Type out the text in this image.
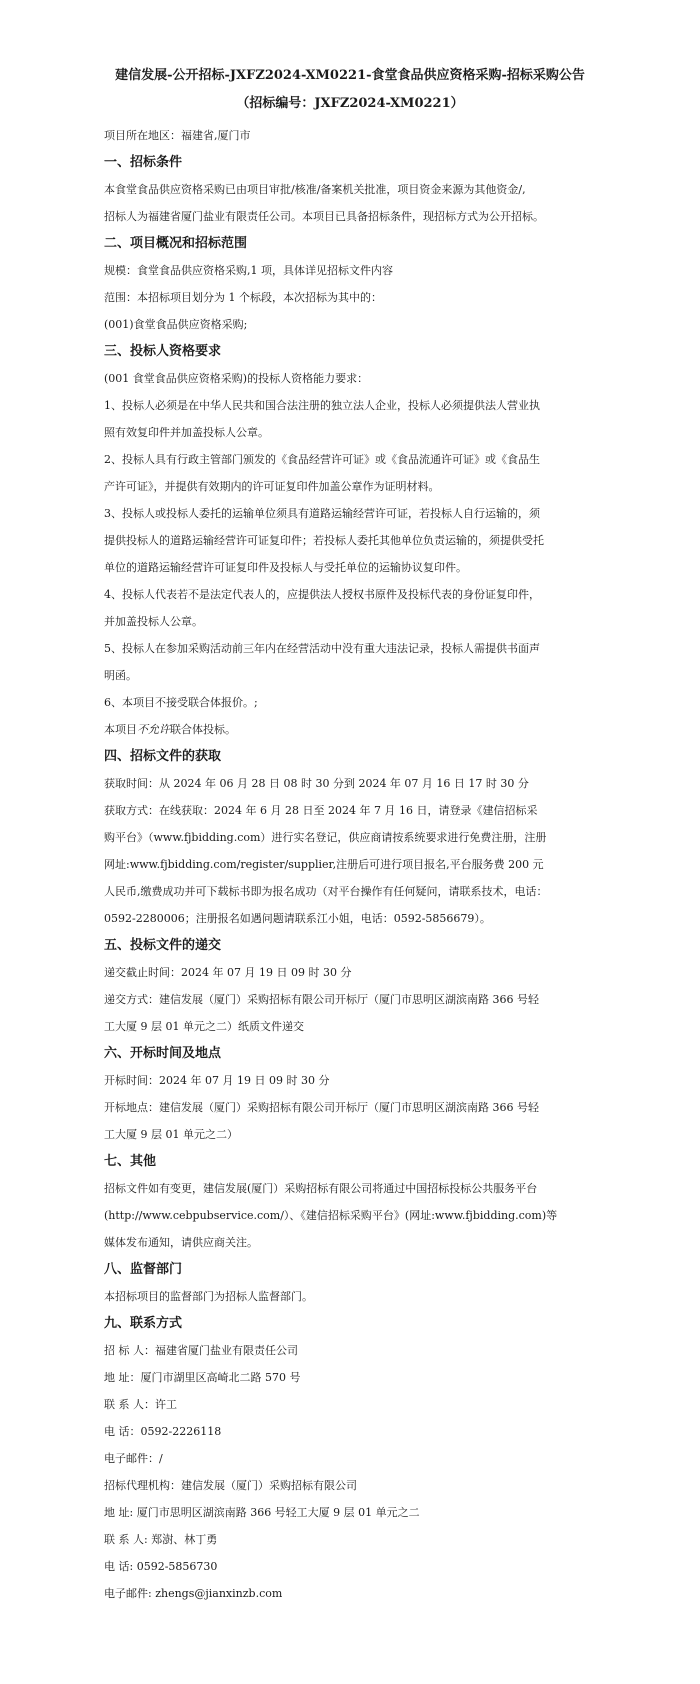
建信发展-公开招标-JXFZ2024-XM0221-食堂食品供应资格采购-招标采购公告
（招标编号：JXFZ2024-XM0221）
项目所在地区：福建省,厦门市
一、招标条件
本食堂食品供应资格采购已由项目审批/核准/备案机关批准，项目资金来源为其他资金/,
招标人为福建省厦门盐业有限责任公司。本项目已具备招标条件，现招标方式为公开招标。
二、项目概况和招标范围
规模：食堂食品供应资格采购,1 项，具体详见招标文件内容
范围：本招标项目划分为 1 个标段，本次招标为其中的：
(001)食堂食品供应资格采购;
三、投标人资格要求
(001 食堂食品供应资格采购)的投标人资格能力要求：
1、投标人必须是在中华人民共和国合法注册的独立法人企业，投标人必须提供法人营业执
照有效复印件并加盖投标人公章。
2、投标人具有行政主管部门颁发的《食品经营许可证》或《食品流通许可证》或《食品生
产许可证》，并提供有效期内的许可证复印件加盖公章作为证明材料。
3、投标人或投标人委托的运输单位须具有道路运输经营许可证，若投标人自行运输的，须
提供投标人的道路运输经营许可证复印件；若投标人委托其他单位负责运输的，须提供受托
单位的道路运输经营许可证复印件及投标人与受托单位的运输协议复印件。
4、投标人代表若不是法定代表人的，应提供法人授权书原件及投标代表的身份证复印件，
并加盖投标人公章。
5、投标人在参加采购活动前三年内在经营活动中没有重大违法记录，投标人需提供书面声
明函。
6、本项目不接受联合体报价。;
本项目不允许联合体投标。
四、招标文件的获取
获取时间：从 2024 年 06 月 28 日 08 时 30 分到 2024 年 07 月 16 日 17 时 30 分
获取方式：在线获取：2024 年 6 月 28 日至 2024 年 7 月 16 日，请登录《建信招标采
购平台》（www.fjbidding.com）进行实名登记，供应商请按系统要求进行免费注册，注册
网址:www.fjbidding.com/register/supplier,注册后可进行项目报名,平台服务费 200 元
人民币,缴费成功并可下载标书即为报名成功（对平台操作有任何疑问，请联系技术，电话：
0592-2280006；注册报名如遇问题请联系江小姐，电话：0592-5856679）。
五、投标文件的递交
递交截止时间：2024 年 07 月 19 日 09 时 30 分
递交方式：建信发展（厦门）采购招标有限公司开标厅（厦门市思明区湖滨南路 366 号轻
工大厦 9 层 01 单元之二）纸质文件递交
六、开标时间及地点
开标时间：2024 年 07 月 19 日 09 时 30 分
开标地点：建信发展（厦门）采购招标有限公司开标厅（厦门市思明区湖滨南路 366 号轻
工大厦 9 层 01 单元之二）
七、其他
招标文件如有变更，建信发展(厦门）采购招标有限公司将通过中国招标投标公共服务平台
(http://www.cebpubservice.com/）、《建信招标采购平台》(网址:www.fjbidding.com)等
媒体发布通知，请供应商关注。
八、监督部门
本招标项目的监督部门为招标人监督部门。
九、联系方式
招 标 人：福建省厦门盐业有限责任公司
地 址：厦门市湖里区高崎北二路 570 号
联 系 人：许工
电 话：0592-2226118
电子邮件：/
招标代理机构：建信发展（厦门）采购招标有限公司
地 址: 厦门市思明区湖滨南路 366 号轻工大厦 9 层 01 单元之二
联 系 人: 郑澍、林丁勇
电 话: 0592-5856730
电子邮件: zhengs@jianxinzb.com
